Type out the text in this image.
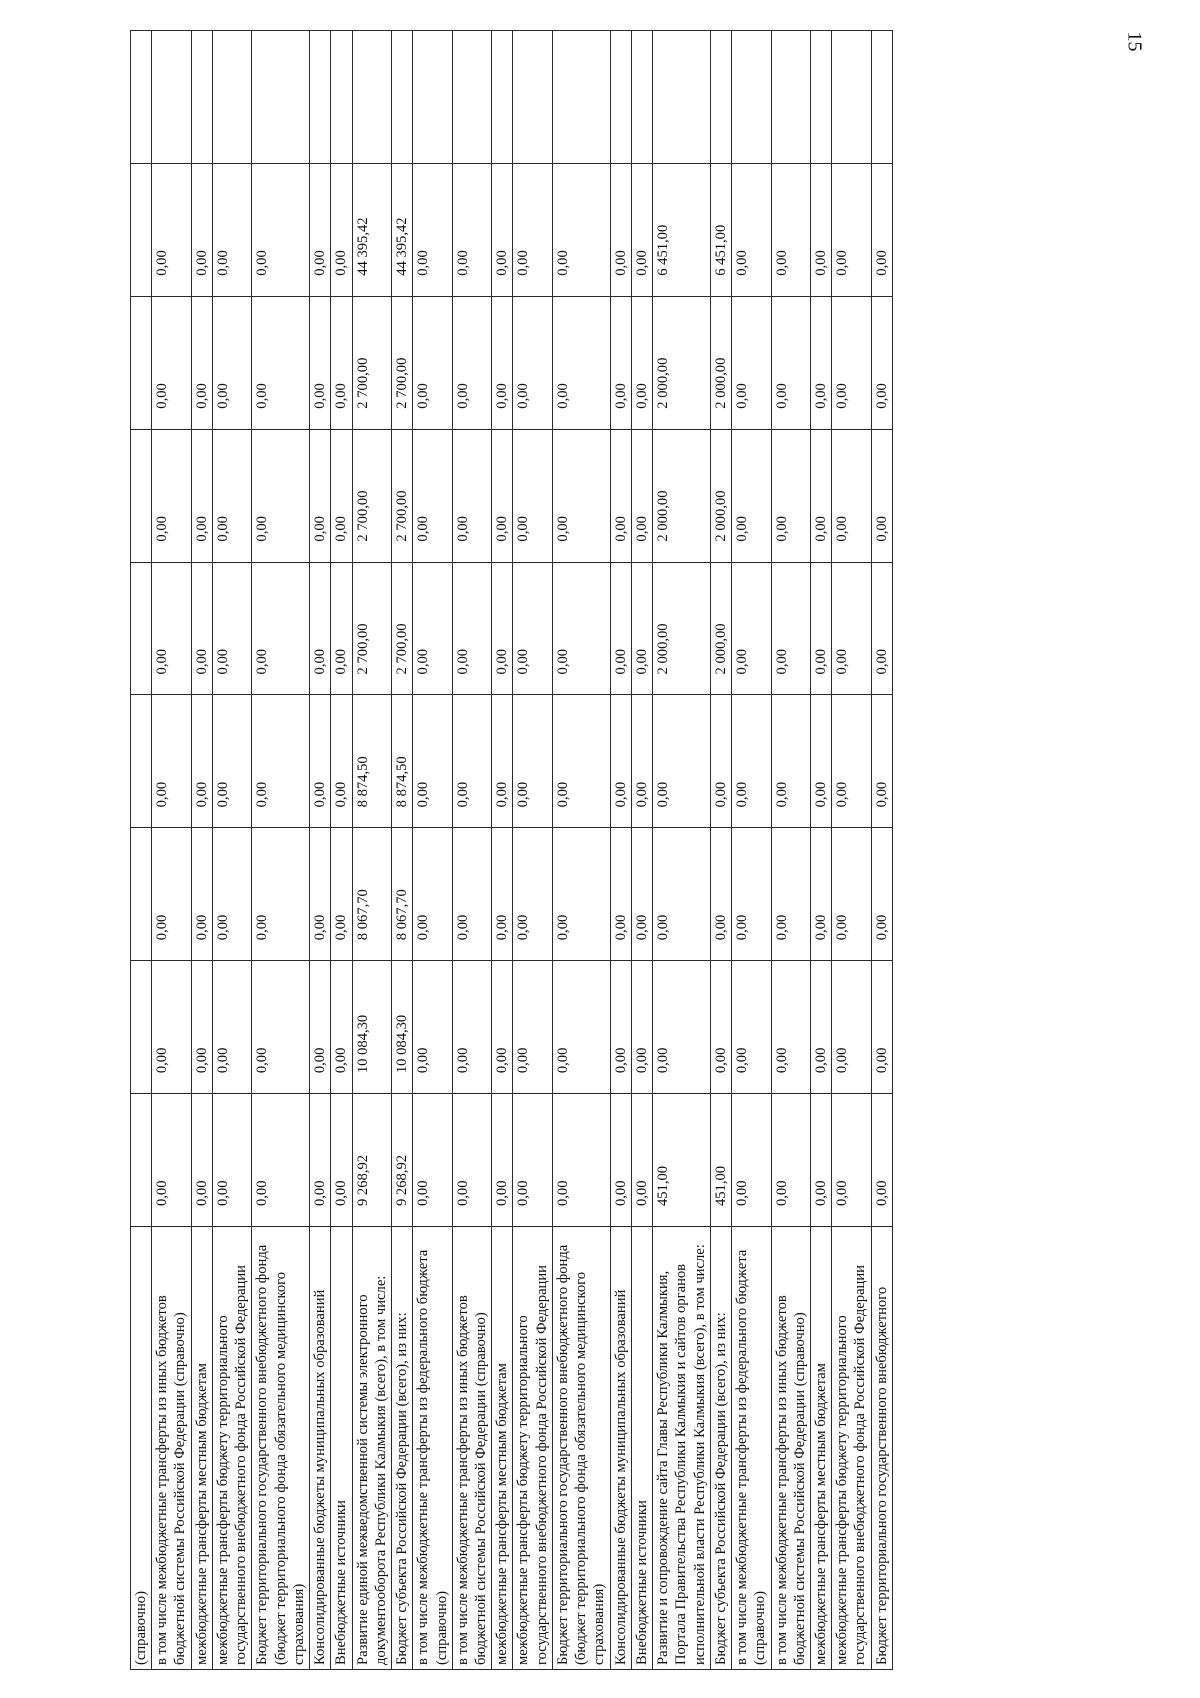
15
(справочно)									
в том числе межбюджетные трансферты из иных бюджетов бюджетной системы Российской Федерации (справочно)	0,00	0,00	0,00	0,00	0,00	0,00	0,00	0,00	
межбюджетные трансферты местным бюджетам	0,00	0,00	0,00	0,00	0,00	0,00	0,00	0,00	
межбюджетные трансферты бюджету территориального государственного внебюджетного фонда Российской Федерации	0,00	0,00	0,00	0,00	0,00	0,00	0,00	0,00	
Бюджет территориального государственного внебюджетного фонда (бюджет территориального фонда обязательного медицинского страхования)	0,00	0,00	0,00	0,00	0,00	0,00	0,00	0,00	
Консолидированные бюджеты муниципальных образований	0,00	0,00	0,00	0,00	0,00	0,00	0,00	0,00	
Внебюджетные источники	0,00	0,00	0,00	0,00	0,00	0,00	0,00	0,00	
Развитие единой межведомственной системы электронного документооборота Республики Калмыкия (всего), в том числе:	9 268,92	10 084,30	8 067,70	8 874,50	2 700,00	2 700,00	2 700,00	44 395,42	
Бюджет субъекта Российской Федерации (всего), из них:	9 268,92	10 084,30	8 067,70	8 874,50	2 700,00	2 700,00	2 700,00	44 395,42	
в том числе межбюджетные трансферты из федерального бюджета (справочно)	0,00	0,00	0,00	0,00	0,00	0,00	0,00	0,00	
в том числе межбюджетные трансферты из иных бюджетов бюджетной системы Российской Федерации (справочно)	0,00	0,00	0,00	0,00	0,00	0,00	0,00	0,00	
межбюджетные трансферты местным бюджетам	0,00	0,00	0,00	0,00	0,00	0,00	0,00	0,00	
межбюджетные трансферты бюджету территориального государственного внебюджетного фонда Российской Федерации	0,00	0,00	0,00	0,00	0,00	0,00	0,00	0,00	
Бюджет территориального государственного внебюджетного фонда (бюджет территориального фонда обязательного медицинского страхования)	0,00	0,00	0,00	0,00	0,00	0,00	0,00	0,00	
Консолидированные бюджеты муниципальных образований	0,00	0,00	0,00	0,00	0,00	0,00	0,00	0,00	
Внебюджетные источники	0,00	0,00	0,00	0,00	0,00	0,00	0,00	0,00	
Развитие и сопровождение сайта Главы Республики Калмыкия, Портала Правительства Республики Калмыкия и сайтов органов исполнительной власти Республики Калмыкия (всего), в том числе:	451,00	0,00	0,00	0,00	2 000,00	2 000,00	2 000,00	6 451,00	
Бюджет субъекта Российской Федерации (всего), из них:	451,00	0,00	0,00	0,00	2 000,00	2 000,00	2 000,00	6 451,00	
в том числе межбюджетные трансферты из федерального бюджета (справочно)	0,00	0,00	0,00	0,00	0,00	0,00	0,00	0,00	
в том числе межбюджетные трансферты из иных бюджетов бюджетной системы Российской Федерации (справочно)	0,00	0,00	0,00	0,00	0,00	0,00	0,00	0,00	
межбюджетные трансферты местным бюджетам	0,00	0,00	0,00	0,00	0,00	0,00	0,00	0,00	
межбюджетные трансферты бюджету территориального государственного внебюджетного фонда Российской Федерации	0,00	0,00	0,00	0,00	0,00	0,00	0,00	0,00	
Бюджет территориального государственного внебюджетного	0,00	0,00	0,00	0,00	0,00	0,00	0,00	0,00	
